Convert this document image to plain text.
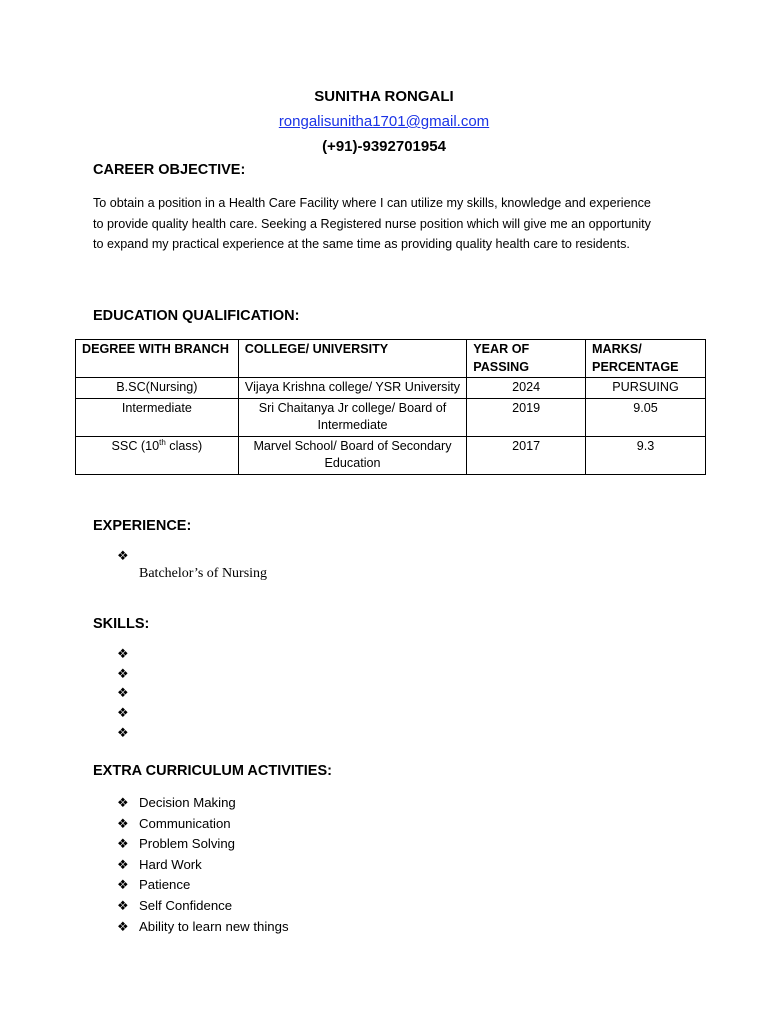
SUNITHA RONGALI
rongalisunitha1701@gmail.com
(+91)-9392701954
CAREER OBJECTIVE:
To obtain a position in a Health Care Facility where I can utilize my skills, knowledge and experience to provide quality health care. Seeking a Registered nurse position which will give me an opportunity to expand my practical experience at the same time as providing quality health care to residents.
EDUCATION QUALIFICATION:
DEGREE WITH BRANCH	COLLEGE/ UNIVERSITY	YEAR OF PASSING	MARKS/ PERCENTAGE
B.SC(Nursing)	Vijaya Krishna college/ YSR University	2024	PURSUING
Intermediate	Sri Chaitanya Jr college/ Board of Intermediate	2019	9.05
SSC (10th class)	Marvel School/ Board of Secondary Education	2017	9.3
EXPERIENCE:
❖
Batchelor’s of Nursing
SKILLS:
❖
❖
❖
❖
❖
EXTRA CURRICULUM ACTIVITIES:
❖ Decision Making
❖ Communication
❖ Problem Solving
❖ Hard Work
❖ Patience
❖ Self Confidence
❖ Ability to learn new things
